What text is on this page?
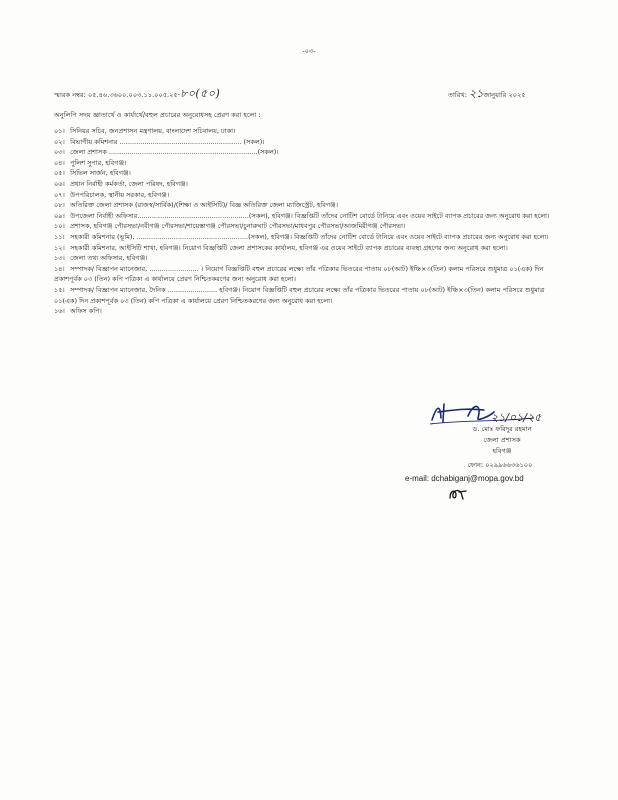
-০৩-
স্মারক নম্বর: ০৫.৪৬.৩৬০০.০০৩.১১.০০৫.২৫-৮০(৫০)	তারিখ: ২১জানুয়ারি ২০২৫
অনুলিপি সদয় জ্ঞাতার্থে ও কার্যার্থে/বহুল প্রচারের অনুরোধসহ প্রেরণ করা হলো :
০১। সিনিয়র সচিব, জনপ্রশাসন মন্ত্রণালয়, বাংলাদেশ সচিবালয়, ঢাকা।
০২। বিভাগীয় কমিশনার ........................................................... (সকল)।
০৩। জেলা প্রশাসক ........................................................................(সকল)।
০৪। পুলিশ সুপার, হবিগঞ্জ।
০৫। সিভিল সার্জন, হবিগঞ্জ।
০৬। প্রধান নির্বাহী কর্মকর্তা, জেলা পরিষদ, হবিগঞ্জ।
০৭। উপপরিচালক, স্থানীয় সরকার, হবিগঞ্জ।
০৮। অতিরিক্ত জেলা প্রশাসক (রাজস্ব/সার্বিক)/(শিক্ষা ও আইসিটি)/ বিজ্ঞ অতিরিক্ত জেলা ম্যাজিস্ট্রেট, হবিগঞ্জ।
০৯। উপজেলা নির্বাহী অফিসার......................................................(সকল), হবিগঞ্জ। বিজ্ঞপ্তিটি তাঁদের নোটিশ বোর্ডে টানিয়ে এবং ওয়েব সাইটে ব্যাপক প্রচারের জন্য অনুরোধ করা হলো।
১০। প্রশাসক, হবিগঞ্জ পৌরসভা/নবীগঞ্জ পৌরসভা/শায়েস্তাগঞ্জ পৌরসভা/চুনারুঘাট পৌরসভা/মাধবপুর পৌরসভা/আজমিরীগঞ্জ পৌরসভা।
১১। সহকারী কমিশনার (ভূমি), ......................................................(সকল), হবিগঞ্জ। বিজ্ঞপ্তিটি তাঁদের নোটিশ বোর্ডে টানিয়ে এবং ওয়েব সাইটে ব্যাপক প্রচারের জন্য অনুরোধ করা হলো।
১২। সহকারী কমিশনার, আইসিটি শাখা, হবিগঞ্জ। নিয়োগ বিজ্ঞপ্তিটি জেলা প্রশাসকের কার্যালয়, হবিগঞ্জ এর ওয়েব সাইটে ব্যাপক প্রচারের ব্যবস্থা গ্রহণের জন্য অনুরোধ করা হলো।
১৩। জেলা তথ্য অফিসার, হবিগঞ্জ।
১৪। সম্পাদক/ বিজ্ঞাপন ম্যানেজার, ........................ । নিয়োগ বিজ্ঞপ্তিটি বহুল প্রচারের লক্ষ্যে তাঁর পত্রিকার ভিতরের পাতায় ০৮(আট) ইঞ্চি×৩(তিন) কলাম পরিসরে শুধুমাত্র ০১(এক) দিন প্রকাশপূর্বক ০৩ (তিন) কপি পত্রিকা এ কার্যালয়ে প্রেরণ নিশ্চিতকরণের জন্য অনুরোধ করা হলো।
১৫। সম্পাদক/ বিজ্ঞাপন ম্যানেজার, দৈনিক ........................ হবিগঞ্জ। নিয়োগ বিজ্ঞপ্তিটি বহুল প্রচারের লক্ষ্যে তাঁর পত্রিকার ভিতরের পাতায় ০৮(আট) ইঞ্চি×৩(তিন) কলাম পরিসরে শুধুমাত্র ০১(এক) দিন প্রকাশপূর্বক ০৩ (তিন) কপি পত্রিকা এ কার্যালয়ে প্রেরণ নিশ্চিতকরণের জন্য অনুরোধ করা হলো।
১৬। অফিস কপি।
২১/০১/২৫
ড. মোঃ ফরিদুর রহমান
জেলা প্রশাসক
হবিগঞ্জ
ফোন: ০২৯৯৬৬৩৬১০০
e-mail: dchabiganj@mopa.gov.bd
